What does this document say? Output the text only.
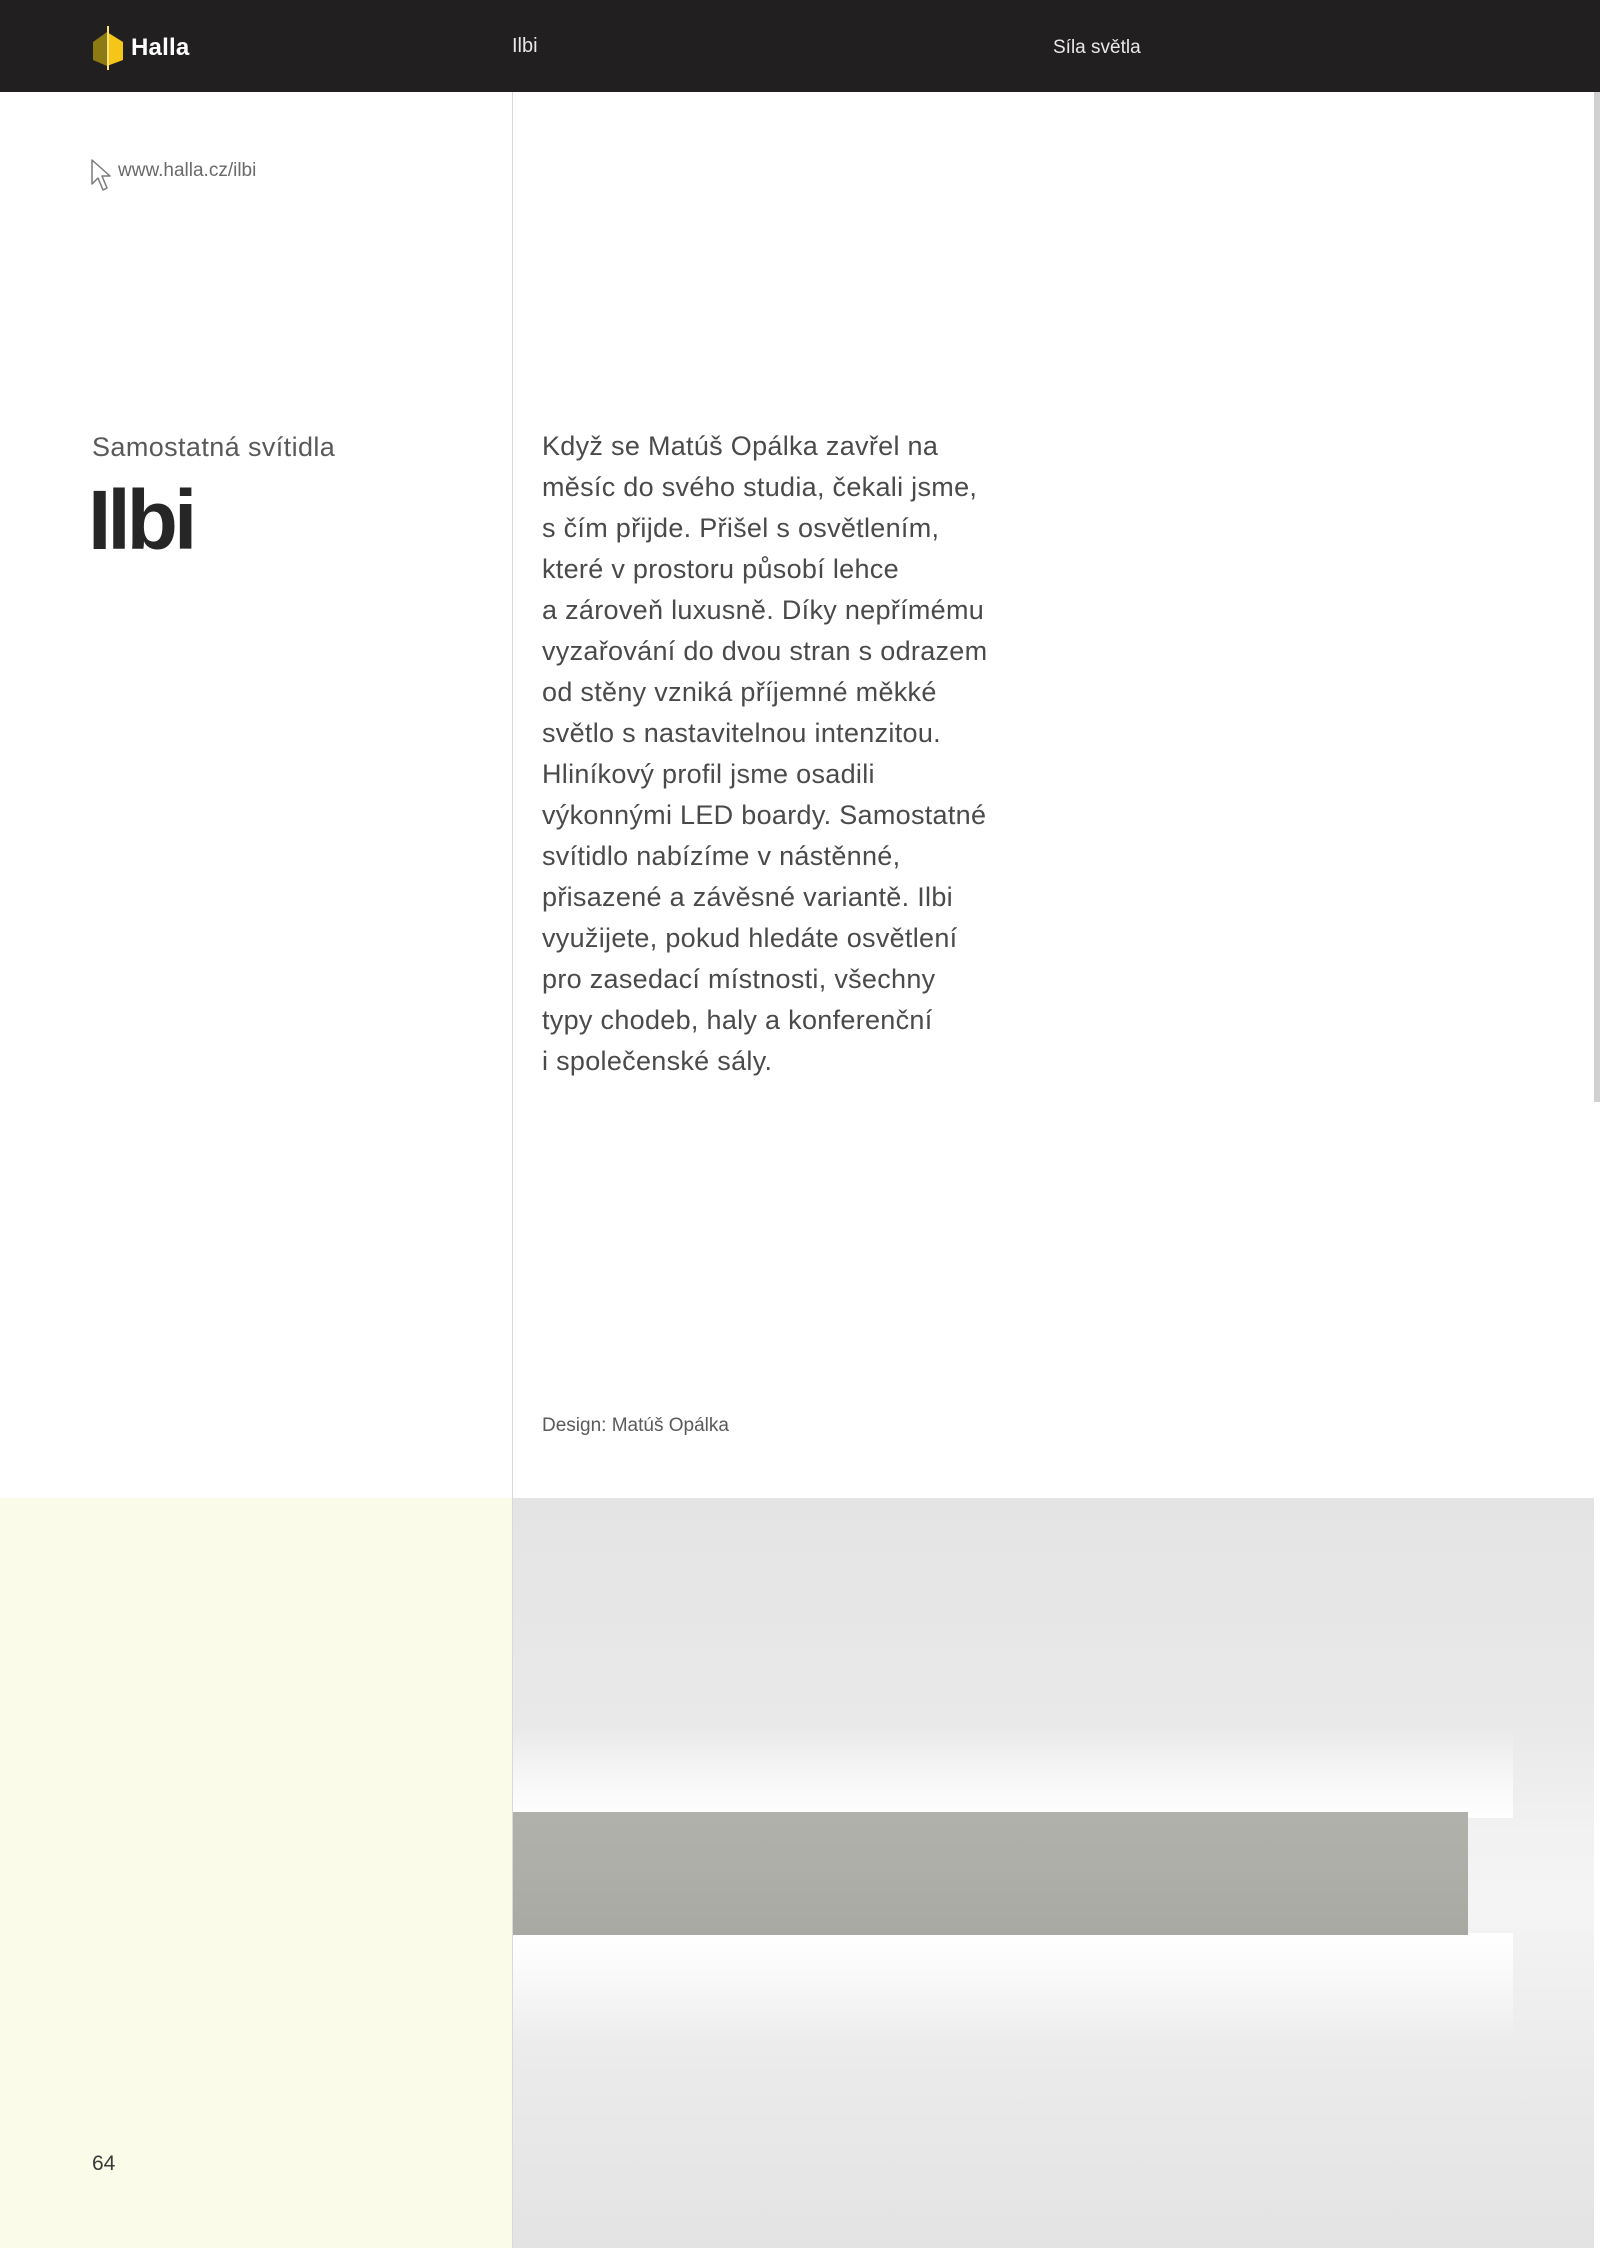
Halla	Ilbi	Síla světla
www.halla.cz/ilbi
Samostatná svítidla
Ilbi

Když se Matúš Opálka zavřel na
měsíc do svého studia, čekali jsme,
s čím přijde. Přišel s osvětlením,
které v prostoru působí lehce
a zároveň luxusně. Díky nepřímému
vyzařování do dvou stran s odrazem
od stěny vzniká příjemné měkké
světlo s nastavitelnou intenzitou.
Hliníkový profil jsme osadili
výkonnými LED boardy. Samostatné
svítidlo nabízíme v nástěnné,
přisazené a závěsné variantě. Ilbi
využijete, pokud hledáte osvětlení
pro zasedací místnosti, všechny
typy chodeb, haly a konferenční
i společenské sály.

Design: Matúš Opálka
64
